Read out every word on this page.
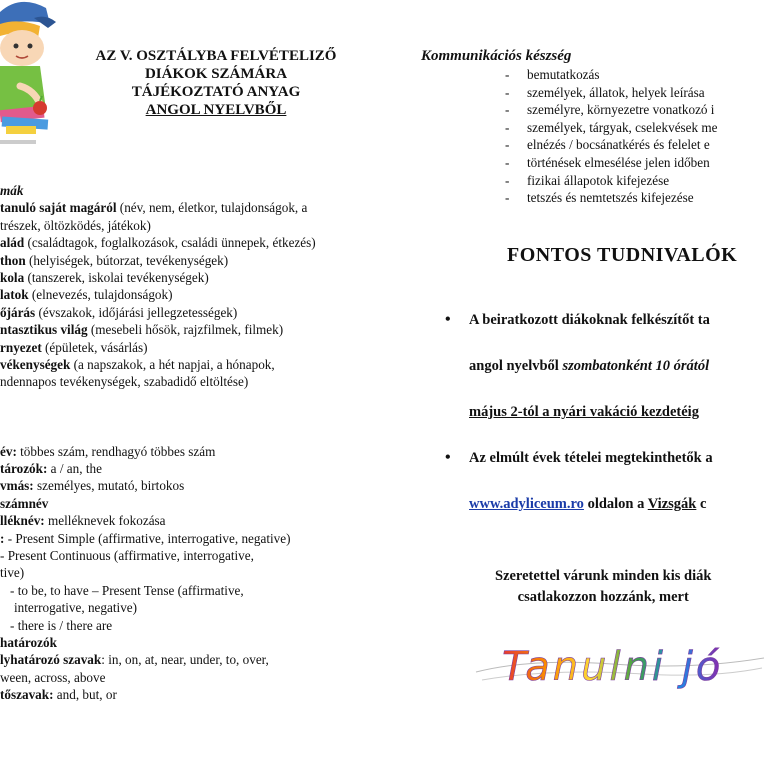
AZ V. OSZTÁLYBA FELVÉTELIZŐ
DIÁKOK SZÁMÁRA
TÁJÉKOZTATÓ ANYAG
ANGOL NYELVBŐL
mák
tanuló saját magáról (név, nem, életkor, tulajdonságok, a
trészek, öltözködés, játékok)
alád (családtagok, foglalkozások, családi ünnepek, étkezés)
thon (helyiségek, bútorzat, tevékenységek)
kola (tanszerek, iskolai tevékenységek)
latok (elnevezés, tulajdonságok)
őjárás (évszakok, időjárási jellegzetességek)
ntasztikus világ (mesebeli hősök, rajzfilmek, filmek)
rnyezet (épületek, vásárlás)
vékenységek (a napszakok, a hét napjai, a hónapok,
ndennapos tevékenységek, szabadidő eltöltése)
év: többes szám, rendhagyó többes szám
tározók: a / an, the
vmás: személyes, mutató, birtokos
számnév
lléknév: melléknevek fokozása
: - Present Simple (affirmative, interrogative, negative)
- Present Continuous (affirmative, interrogative,
tive)
- to be, to have – Present Tense (affirmative,
interrogative, negative)
- there is / there are
határozók
lyhatározó szavak: in, on, at, near, under, to, over,
ween, across, above
tőszavak: and, but, or
Kommunikációs készség
- bemutatkozás
- személyek, állatok, helyek leírása
- személyre, környezetre vonatkozó i
- személyek, tárgyak, cselekvések me
- elnézés / bocsánatkérés és felelet e
- történések elmesélése jelen időben
- fizikai állapotok kifejezése
- tetszés és nemtetszés kifejezése
FONTOS TUDNIVALÓK
• A beiratkozott diákoknak felkészítőt ta
angol nyelvből szombatonként 10 órától
május 2-tól a nyári vakáció kezdetéig
• Az elmúlt évek tételei megtekinthetők a
www.adyliceum.ro oldalon a Vizsgák c
Szeretettel várunk minden kis diák
csatlakozzon hozzánk, mert
Tanulni jó
